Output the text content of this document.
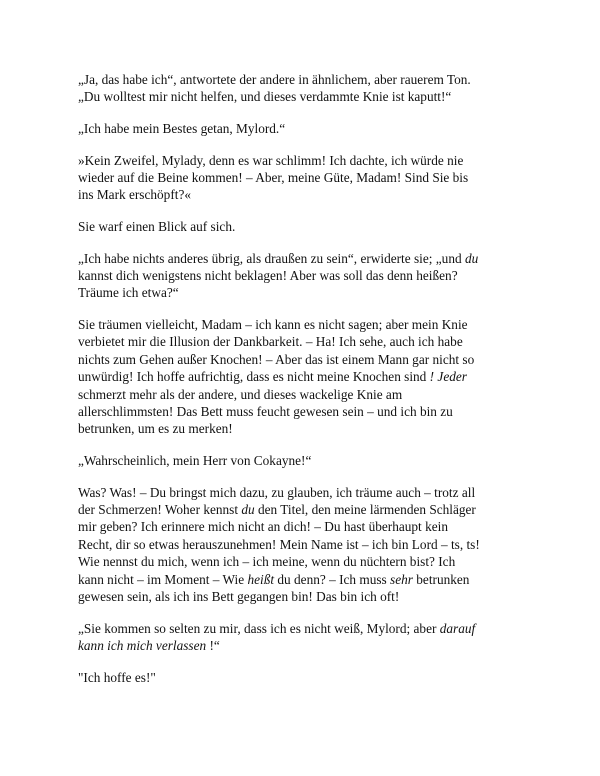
„Ja, das habe ich“, antwortete der andere in ähnlichem, aber rauerem Ton.
„Du wolltest mir nicht helfen, und dieses verdammte Knie ist kaputt!“

„Ich habe mein Bestes getan, Mylord.“

»Kein Zweifel, Mylady, denn es war schlimm! Ich dachte, ich würde nie
wieder auf die Beine kommen! – Aber, meine Güte, Madam! Sind Sie bis
ins Mark erschöpft?«

Sie warf einen Blick auf sich.

„Ich habe nichts anderes übrig, als draußen zu sein“, erwiderte sie; „und du
kannst dich wenigstens nicht beklagen! Aber was soll das denn heißen?
Träume ich etwa?“

Sie träumen vielleicht, Madam – ich kann es nicht sagen; aber mein Knie
verbietet mir die Illusion der Dankbarkeit. – Ha! Ich sehe, auch ich habe
nichts zum Gehen außer Knochen! – Aber das ist einem Mann gar nicht so
unwürdig! Ich hoffe aufrichtig, dass es nicht meine Knochen sind ! Jeder
schmerzt mehr als der andere, und dieses wackelige Knie am
allerschlimmsten! Das Bett muss feucht gewesen sein – und ich bin zu
betrunken, um es zu merken!

„Wahrscheinlich, mein Herr von Cokayne!“

Was? Was! – Du bringst mich dazu, zu glauben, ich träume auch – trotz all
der Schmerzen! Woher kennst du den Titel, den meine lärmenden Schläger
mir geben? Ich erinnere mich nicht an dich! – Du hast überhaupt kein
Recht, dir so etwas herauszunehmen! Mein Name ist – ich bin Lord – ts, ts!
Wie nennst du mich, wenn ich – ich meine, wenn du nüchtern bist? Ich
kann nicht – im Moment – Wie heißt du denn? – Ich muss sehr betrunken
gewesen sein, als ich ins Bett gegangen bin! Das bin ich oft!

„Sie kommen so selten zu mir, dass ich es nicht weiß, Mylord; aber darauf
kann ich mich verlassen !“

"Ich hoffe es!"
